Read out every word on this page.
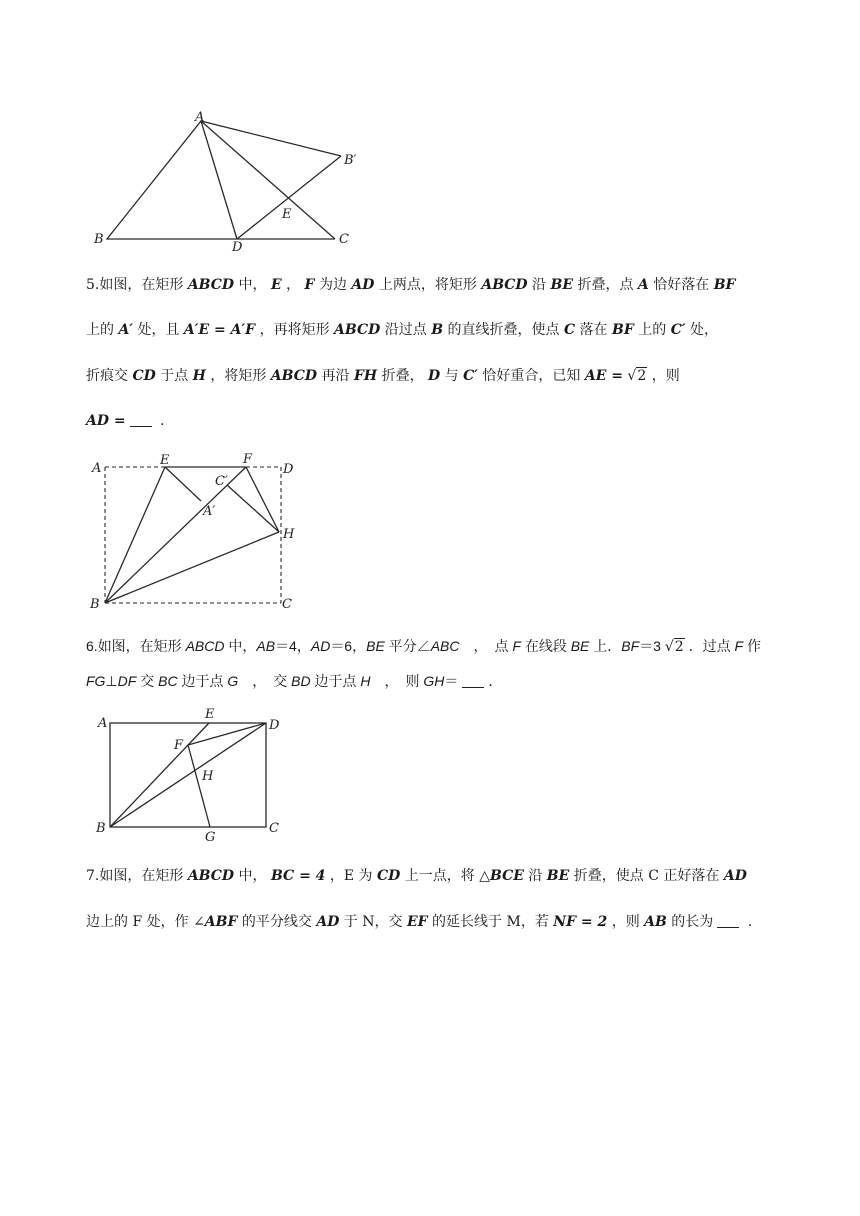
A
B	C
D
E
B′
5.如图，在矩形 ABCD 中， E ， F 为边 AD 上两点，将矩形 ABCD 沿 BE 折叠，点 A 恰好落在 BF
上的 A′ 处，且 A′E = A′F ，再将矩形 ABCD 沿过点 B 的直线折叠，使点 C 落在 BF 上的 C′ 处，
折痕交 CD 于点 H ，将矩形 ABCD 再沿 FH 折叠， D 与 C′ 恰好重合，已知 AE = √2 ，则
AD = .
A
E	F
D
C′
A′
H
B	C
6.如图，在矩形 ABCD 中，AB＝4，AD＝6，BE 平分∠ABC　，　点 F 在线段 BE 上．BF＝3 √2 ．过点 F 作
FG⊥DF 交 BC 边于点 G　，　交 BD 边于点 H　，　则 GH＝ ．
A
E
D
F
H
B
G
C
7.如图，在矩形 ABCD 中， BC = 4 ，E 为 CD 上一点，将 △BCE 沿 BE 折叠，使点 C 正好落在 AD
边上的 F 处，作 ∠ABF 的平分线交 AD 于 N，交 EF 的延长线于 M，若 NF = 2 ，则 AB 的长为 .
